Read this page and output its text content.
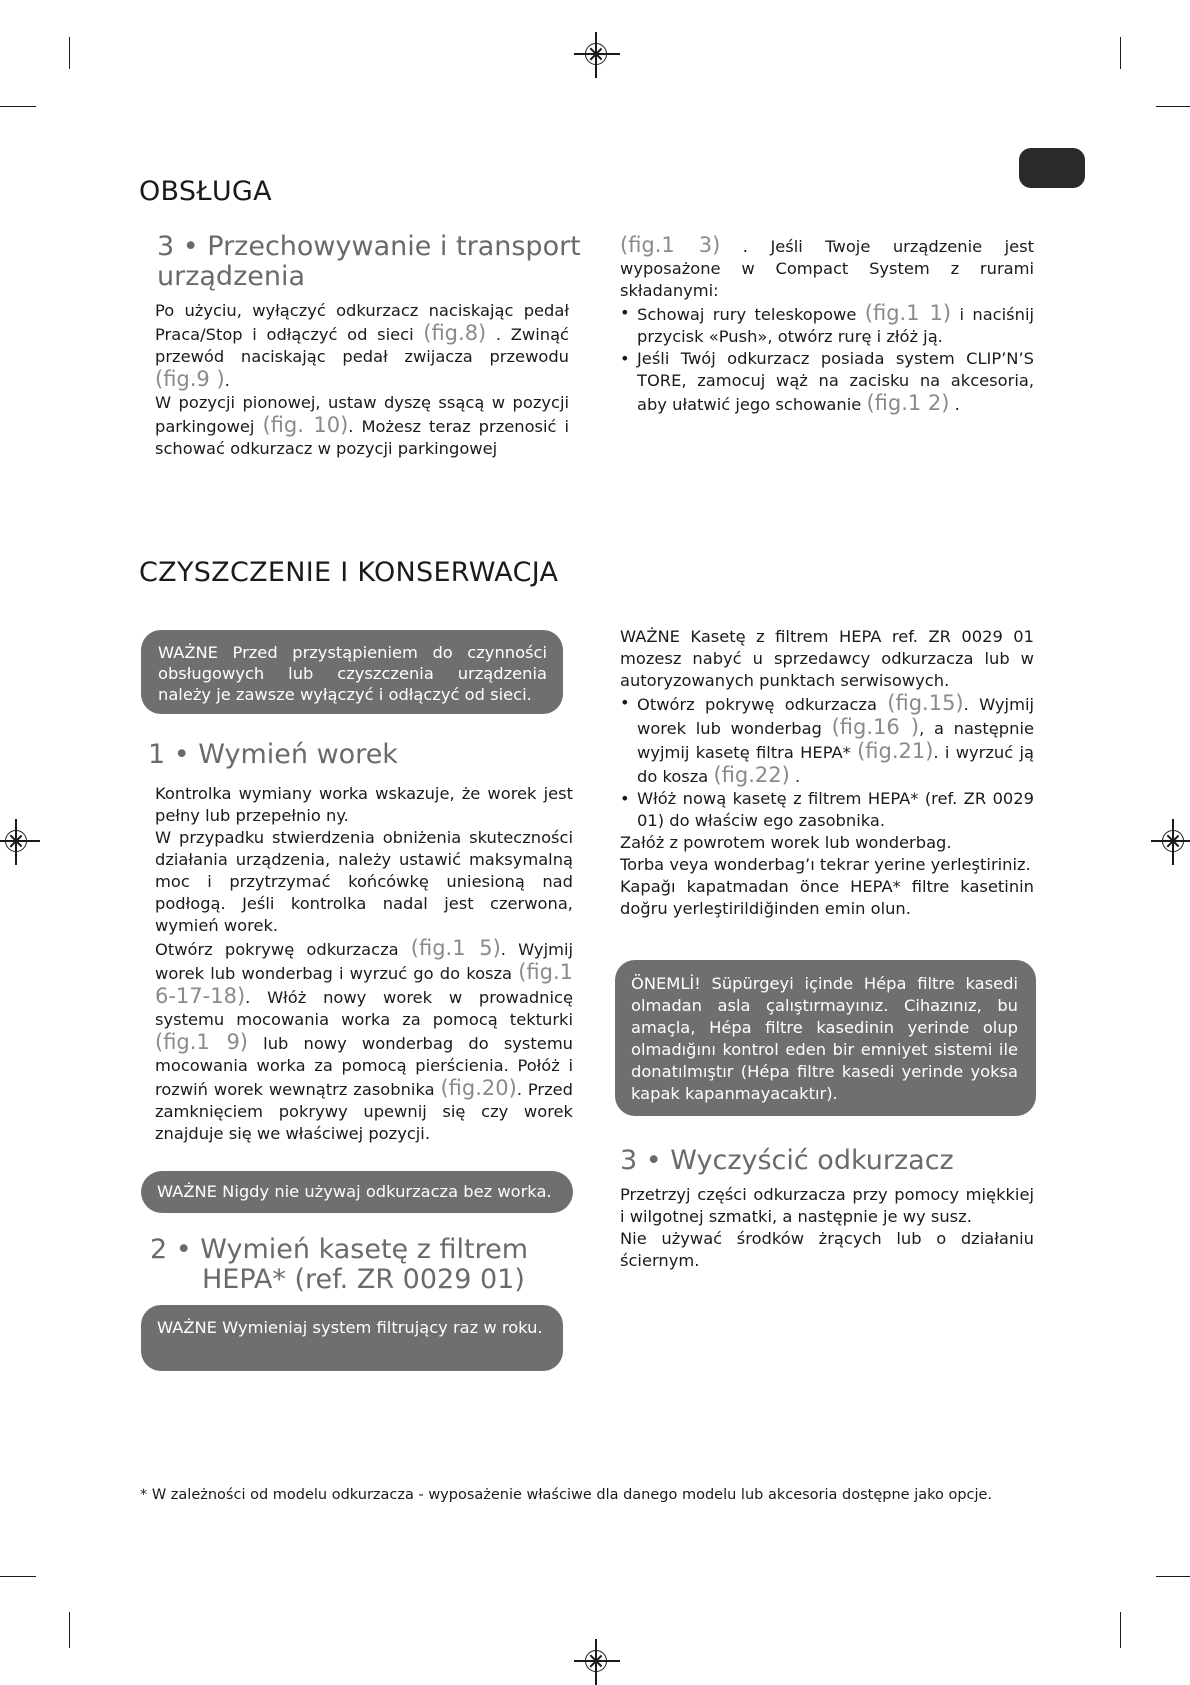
OBSŁUGA
3 • Przechowywanie i transport urządzenia

Po użyciu, wyłączyć odkurzacz naciskając pedał Praca/Stop i odłączyć od sieci (fig.8) . Zwinąć przewód naciskając pedał zwijacza przewodu (fig.9 ).

W pozycji pionowej, ustaw dyszę ssącą w pozycji parkingowej (fig. 10). Możesz teraz przenosić i schować odkurzacz w pozycji parkingowej

(fig.1 3) . Jeśli Twoje urządzenie jest wyposażone w Compact System z rurami składanymi:

• Schowaj rury teleskopowe (fig.1 1) i naciśnij przycisk «Push», otwórz rurę i złóż ją.
• Jeśli Twój odkurzacz posiada system CLIP’N’S TORE, zamocuj wąż na zacisku na akcesoria, aby ułatwić jego schowanie (fig.1 2) .
CZYSZCZENIE I KONSERWACJA
WAŻNE Przed przystąpieniem do czynności obsługowych lub czyszczenia urządzenia należy je zawsze wyłączyć i odłączyć od sieci.
1 • Wymień worek

Kontrolka wymiany worka wskazuje, że worek jest pełny lub przepełnio ny.

W przypadku stwierdzenia obniżenia skuteczności działania urządzenia, należy ustawić maksymalną moc i przytrzymać końcówkę uniesioną nad podłogą. Jeśli kontrolka nadal jest czerwona, wymień worek.

Otwórz pokrywę odkurzacza (fig.1 5). Wyjmij worek lub wonderbag i wyrzuć go do kosza (fig.1 6-17-18). Włóż nowy worek w prowadnicę systemu mocowania worka za pomocą tekturki (fig.1 9) lub nowy wonderbag do systemu mocowania worka za pomocą pierścienia. Połóż i rozwiń worek wewnątrz zasobnika (fig.20). Przed zamknięciem pokrywy upewnij się czy worek znajduje się we właściwej pozycji.

WAŻNE Nigdy nie używaj odkurzacza bez worka.
2 • Wymień kasetę z filtrem
HEPA* (ref. ZR 0029 01)
WAŻNE Wymieniaj system filtrujący raz w roku.

WAŻNE Kasetę z filtrem HEPA ref. ZR 0029 01 mozesz nabyć u sprzedawcy odkurzacza lub w autoryzowanych punktach serwisowych.

• Otwórz pokrywę odkurzacza (fig.15). Wyjmij worek lub wonderbag (fig.16 ), a następnie wyjmij kasetę filtra HEPA* (fig.21). i wyrzuć ją do kosza (fig.22) .
• Włóż nową kasetę z filtrem HEPA* (ref. ZR 0029 01) do właściw ego zasobnika.

Załóż z powrotem worek lub wonderbag.

Torba veya wonderbag’ı tekrar yerine yerleştiriniz.

Kapağı kapatmadan önce HEPA* filtre kasetinin doğru yerleştirildiğinden emin olun.

ÖNEMLİ! Süpürgeyi içinde Hépa filtre kasedi olmadan asla çalıştırmayınız. Cihazınız, bu amaçla, Hépa filtre kasedinin yerinde olup olmadığını kontrol eden bir emniyet sistemi ile donatılmıştır (Hépa filtre kasedi yerinde yoksa kapak kapanmayacaktır).
3 • Wyczyścić odkurzacz

Przetrzyj części odkurzacza przy pomocy miękkiej i wilgotnej szmatki, a następnie je wy susz.

Nie używać środków żrących lub o działaniu ściernym.

* W zależności od modelu odkurzacza - wyposażenie właściwe dla danego modelu lub akcesoria dostępne jako opcje.
